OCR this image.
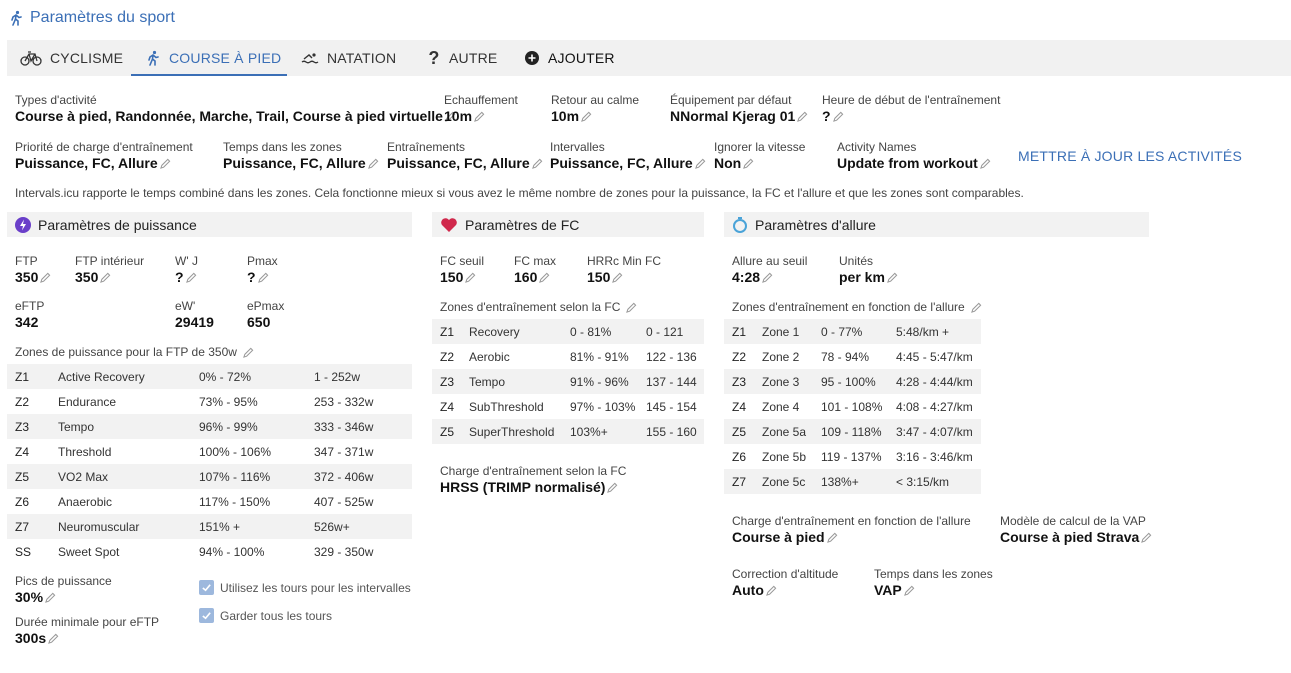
Paramètres du sport
CYCLISME	COURSE À PIED	NATATION ? AUTRE	AJOUTER
Types d'activité
Course à pied, Randonnée, Marche, Trail, Course à pied virtuelle
Echauffement
10m
Retour au calme
10m
Équipement par défaut
NNormal Kjerag 01
Heure de début de l'entraînement
?
Priorité de charge d'entraînement
Puissance, FC, Allure
Temps dans les zones
Puissance, FC, Allure
Entraînements
Puissance, FC, Allure
Intervalles
Puissance, FC, Allure
Ignorer la vitesse
Non
Activity Names
Update from workout	METTRE À JOUR LES ACTIVITÉS
Intervals.icu rapporte le temps combiné dans les zones. Cela fonctionne mieux si vous avez le même nombre de zones pour la puissance, la FC et l'allure et que les zones sont comparables.
Paramètres de puissance
FTP
350
FTP intérieur
350
W' J
?
Pmax
?
eFTP
342
eW'
29419
ePmax
650
Zones de puissance pour la FTP de 350w
Z1	Active Recovery	0% - 72%	1 - 252w
Z2	Endurance	73% - 95%	253 - 332w
Z3	Tempo	96% - 99%	333 - 346w
Z4	Threshold	100% - 106%	347 - 371w
Z5	VO2 Max	107% - 116%	372 - 406w
Z6	Anaerobic	117% - 150%	407 - 525w
Z7	Neuromuscular	151% +	526w+
SS	Sweet Spot	94% - 100%	329 - 350w
Pics de puissance
30%
Durée minimale pour eFTP
300s
Utilisez les tours pour les intervalles
Garder tous les tours
Paramètres de FC
FC seuil
150
FC max
160
HRRc Min FC
150
Zones d'entraînement selon la FC
Z1	Recovery	0 - 81%	0 - 121
Z2	Aerobic	81% - 91%	122 - 136
Z3	Tempo	91% - 96%	137 - 144
Z4	SubThreshold	97% - 103%	145 - 154
Z5	SuperThreshold	103%+	155 - 160
Charge d'entraînement selon la FC
HRSS (TRIMP normalisé)
Paramètres d'allure
Allure au seuil
4:28
Unités
per km
Zones d'entraînement en fonction de l'allure
Z1	Zone 1	0 - 77%	5:48/km +
Z2	Zone 2	78 - 94%	4:45 - 5:47/km
Z3	Zone 3	95 - 100%	4:28 - 4:44/km
Z4	Zone 4	101 - 108%	4:08 - 4:27/km
Z5	Zone 5a	109 - 118%	3:47 - 4:07/km
Z6	Zone 5b	119 - 137%	3:16 - 3:46/km
Z7	Zone 5c	138%+	< 3:15/km
Charge d'entraînement en fonction de l'allure
Course à pied
Modèle de calcul de la VAP
Course à pied Strava
Correction d'altitude
Auto
Temps dans les zones
VAP
